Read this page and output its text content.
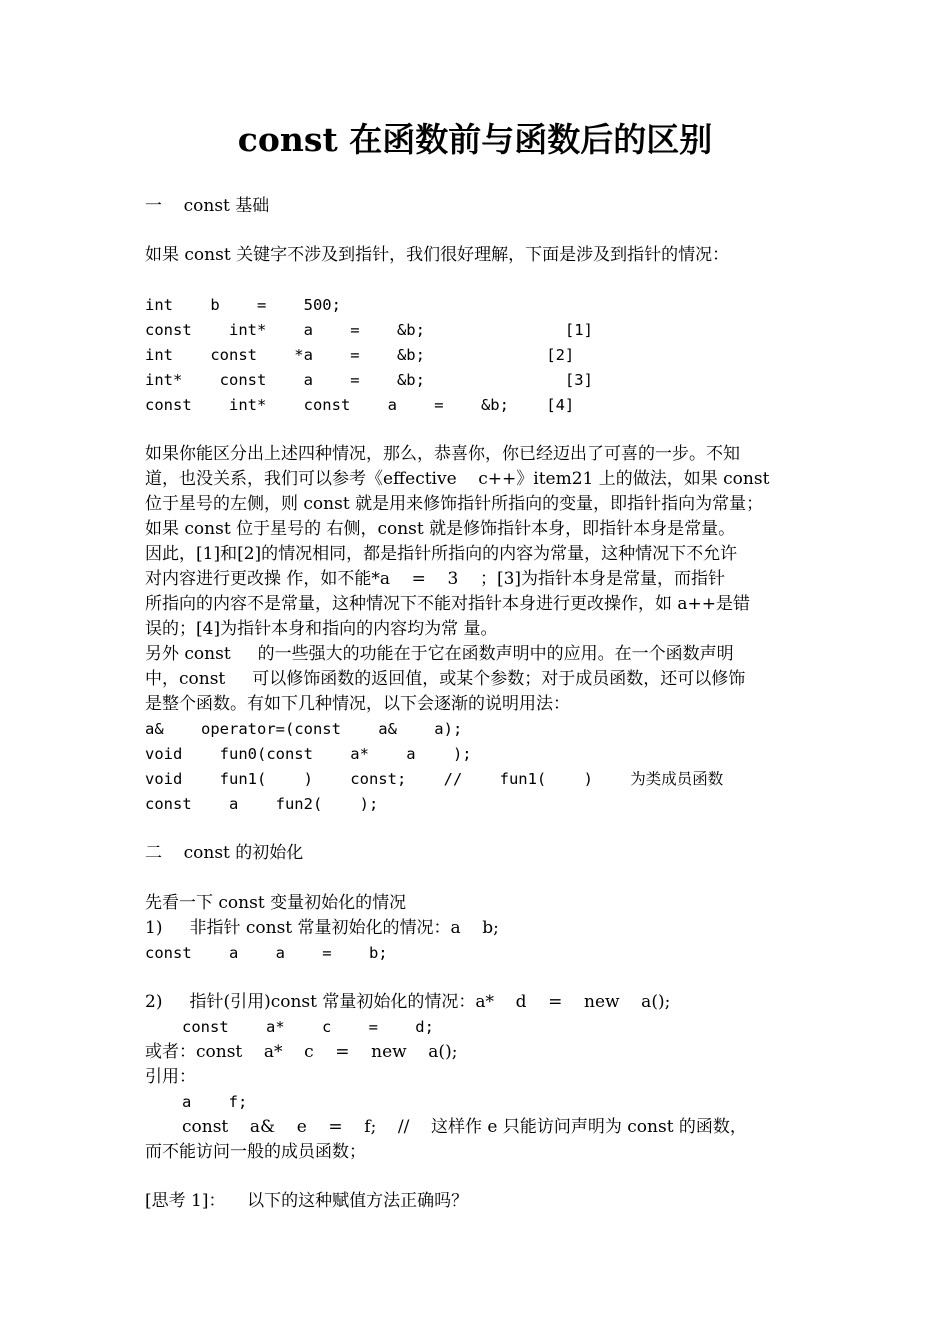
const 在函数前与函数后的区别
一    const 基础
如果 const 关键字不涉及到指针，我们很好理解，下面是涉及到指针的情况：
int    b    =    500;
const    int*    a    =    &b;               [1]
int    const    *a    =    &b;             [2]
int*    const    a    =    &b;               [3]
const    int*    const    a    =    &b;    [4]
如果你能区分出上述四种情况，那么，恭喜你，你已经迈出了可喜的一步。不知
道，也没关系，我们可以参考《effective    c++》item21 上的做法，如果 const
位于星号的左侧，则 const 就是用来修饰指针所指向的变量，即指针指向为常量；
如果 const 位于星号的 右侧，const 就是修饰指针本身，即指针本身是常量。
因此，[1]和[2]的情况相同，都是指针所指向的内容为常量，这种情况下不允许
对内容进行更改操 作，如不能*a    =    3    ；[3]为指针本身是常量，而指针
所指向的内容不是常量，这种情况下不能对指针本身进行更改操作，如 a++是错
误的；[4]为指针本身和指向的内容均为常 量。
另外 const     的一些强大的功能在于它在函数声明中的应用。在一个函数声明
中，const     可以修饰函数的返回值，或某个参数；对于成员函数，还可以修饰
是整个函数。有如下几种情况，以下会逐渐的说明用法：
a&    operator=(const    a&    a);
void    fun0(const    a*    a    );
void    fun1(    )    const;    //    fun1(    )    为类成员函数
const    a    fun2(    );
二    const 的初始化
先看一下 const 变量初始化的情况
1)     非指针 const 常量初始化的情况：a    b;
const    a    a    =    b;
2)     指针(引用)const 常量初始化的情况：a*    d    =    new    a();
const    a*    c    =    d;
或者：const    a*    c    =    new    a();
引用：
a    f;
const    a&    e    =    f;    //    这样作 e 只能访问声明为 const 的函数，
而不能访问一般的成员函数；
[思考 1]：    以下的这种赋值方法正确吗？
